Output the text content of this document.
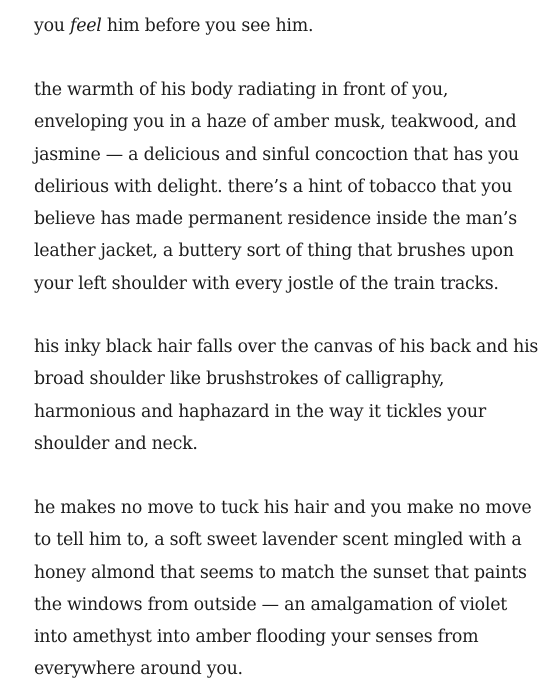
you feel him before you see him.

the warmth of his body radiating in front of you,
enveloping you in a haze of amber musk, teakwood, and
jasmine — a delicious and sinful concoction that has you
delirious with delight. there’s a hint of tobacco that you
believe has made permanent residence inside the man’s
leather jacket, a buttery sort of thing that brushes upon
your left shoulder with every jostle of the train tracks.

his inky black hair falls over the canvas of his back and his
broad shoulder like brushstrokes of calligraphy,
harmonious and haphazard in the way it tickles your
shoulder and neck.

he makes no move to tuck his hair and you make no move
to tell him to, a soft sweet lavender scent mingled with a
honey almond that seems to match the sunset that paints
the windows from outside — an amalgamation of violet
into amethyst into amber flooding your senses from
everywhere around you.
